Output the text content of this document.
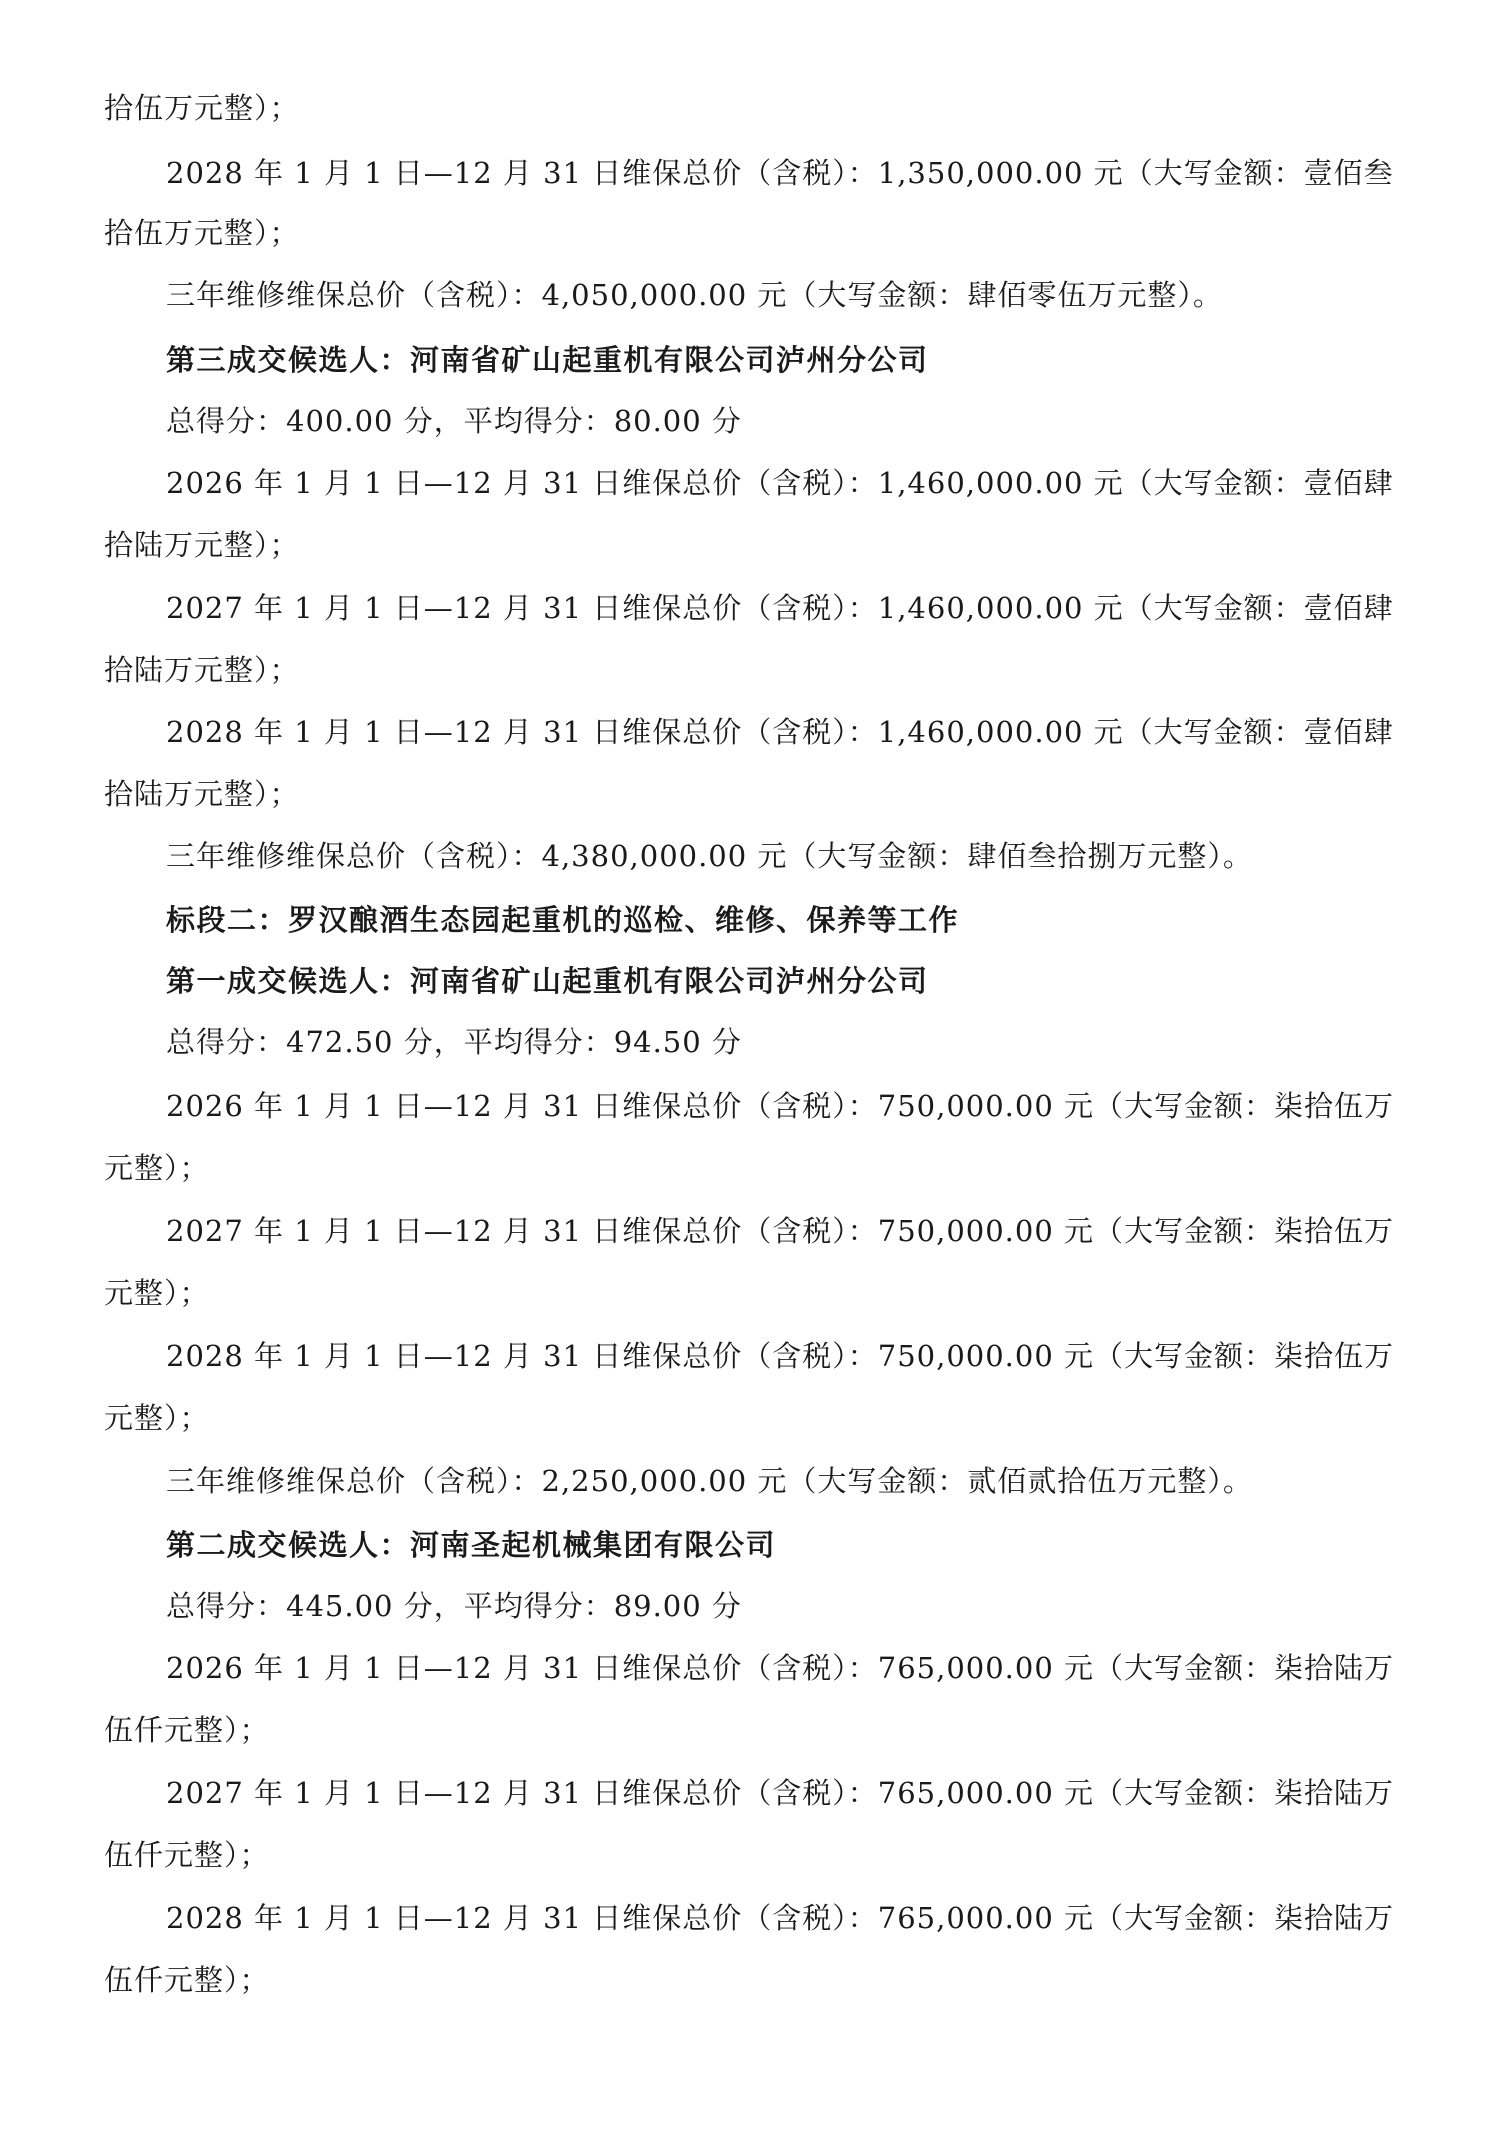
拾伍万元整）；
2028 年 1 月 1 日—12 月 31 日维保总价（含税）：1,350,000.00 元（大写金额：壹佰叁
拾伍万元整）；
三年维修维保总价（含税）：4,050,000.00 元（大写金额：肆佰零伍万元整）。
第三成交候选人：河南省矿山起重机有限公司泸州分公司
总得分：400.00 分，平均得分：80.00 分
2026 年 1 月 1 日—12 月 31 日维保总价（含税）：1,460,000.00 元（大写金额：壹佰肆
拾陆万元整）；
2027 年 1 月 1 日—12 月 31 日维保总价（含税）：1,460,000.00 元（大写金额：壹佰肆
拾陆万元整）；
2028 年 1 月 1 日—12 月 31 日维保总价（含税）：1,460,000.00 元（大写金额：壹佰肆
拾陆万元整）；
三年维修维保总价（含税）：4,380,000.00 元（大写金额：肆佰叁拾捌万元整）。
标段二：罗汉酿酒生态园起重机的巡检、维修、保养等工作
第一成交候选人：河南省矿山起重机有限公司泸州分公司
总得分：472.50 分，平均得分：94.50 分
2026 年 1 月 1 日—12 月 31 日维保总价（含税）：750,000.00 元（大写金额：柒拾伍万
元整）；
2027 年 1 月 1 日—12 月 31 日维保总价（含税）：750,000.00 元（大写金额：柒拾伍万
元整）；
2028 年 1 月 1 日—12 月 31 日维保总价（含税）：750,000.00 元（大写金额：柒拾伍万
元整）；
三年维修维保总价（含税）：2,250,000.00 元（大写金额：贰佰贰拾伍万元整）。
第二成交候选人：河南圣起机械集团有限公司
总得分：445.00 分，平均得分：89.00 分
2026 年 1 月 1 日—12 月 31 日维保总价（含税）：765,000.00 元（大写金额：柒拾陆万
伍仟元整）；
2027 年 1 月 1 日—12 月 31 日维保总价（含税）：765,000.00 元（大写金额：柒拾陆万
伍仟元整）；
2028 年 1 月 1 日—12 月 31 日维保总价（含税）：765,000.00 元（大写金额：柒拾陆万
伍仟元整）；
